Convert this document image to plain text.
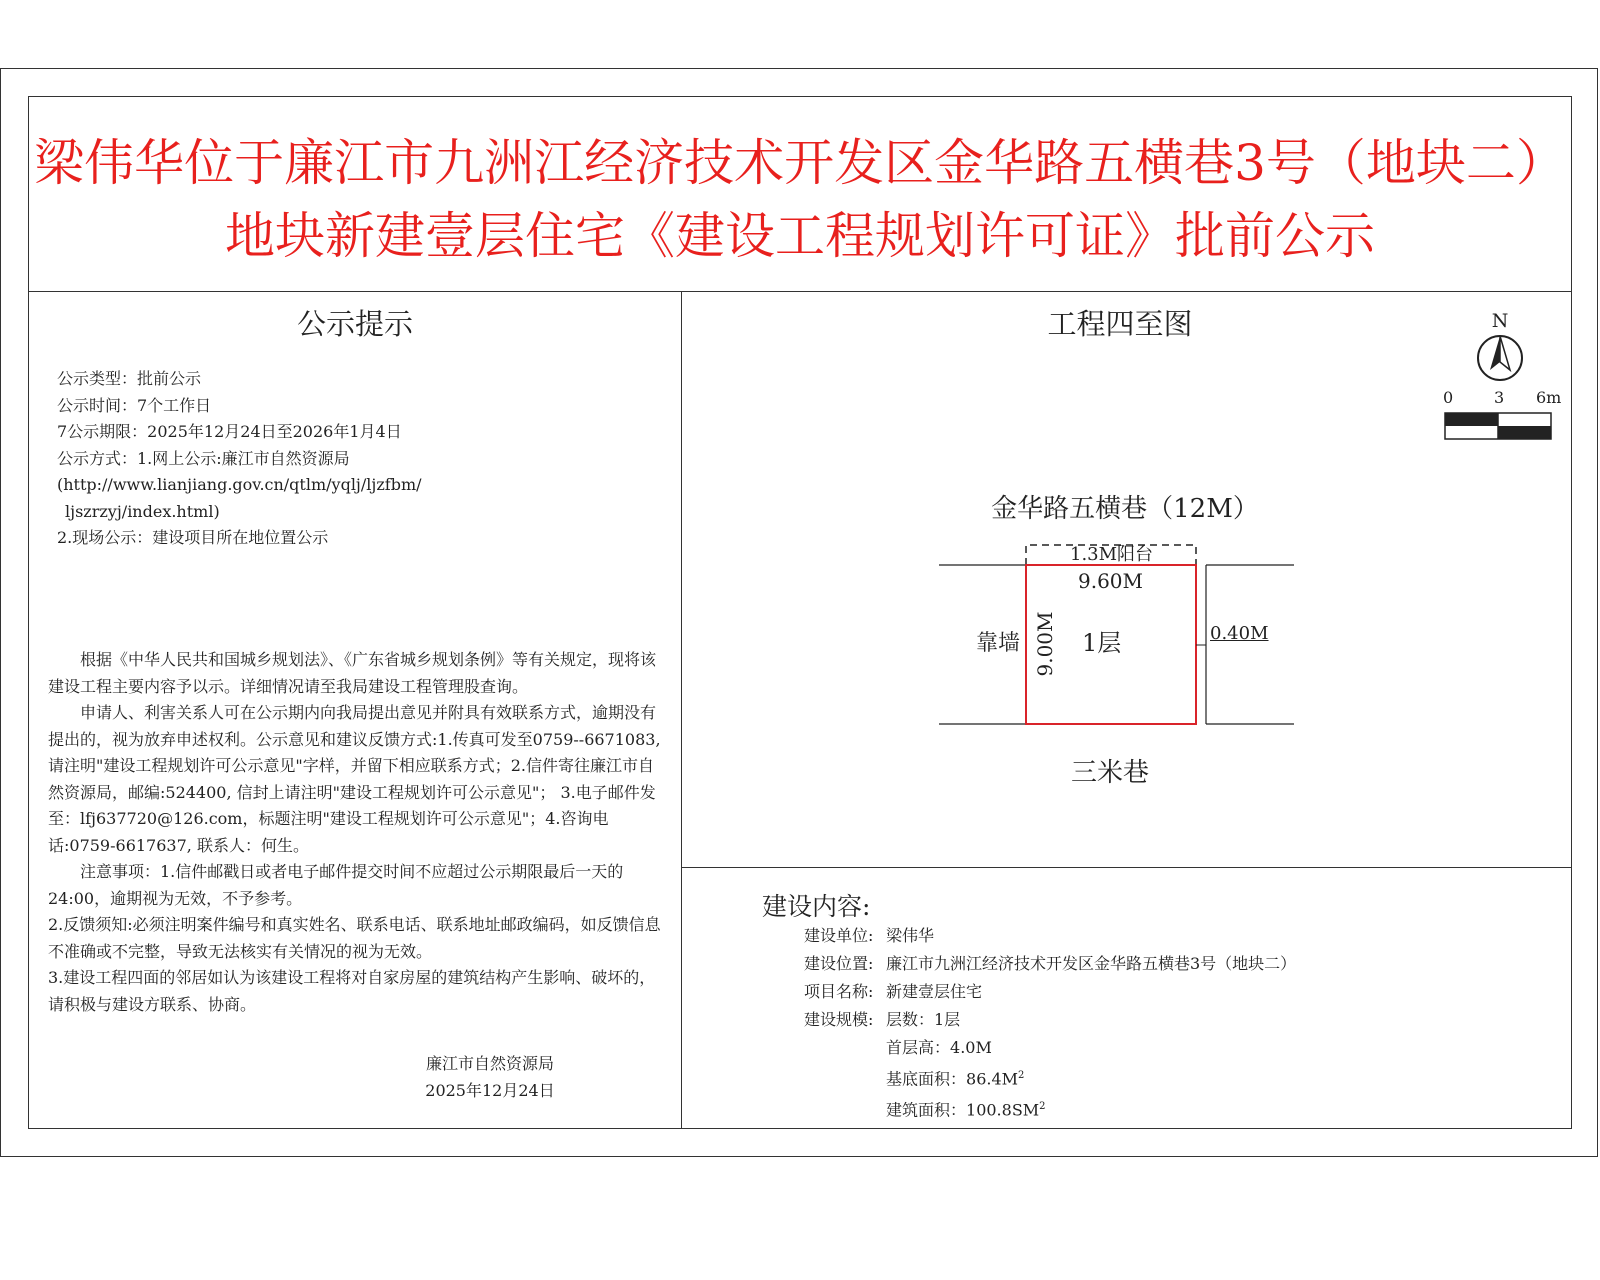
梁伟华位于廉江市九洲江经济技术开发区金华路五横巷3号（地块二）
地块新建壹层住宅《建设工程规划许可证》批前公示
公示提示
公示类型：批前公示
公示时间：7个工作日
7公示期限：2025年12月24日至2026年1月4日
公示方式：1.网上公示:廉江市自然资源局
(http://www.lianjiang.gov.cn/qtlm/yqlj/ljzfbm/
ljszrzyj/index.html)
2.现场公示：建设项目所在地位置公示

根据《中华人民共和国城乡规划法》、《广东省城乡规划条例》等有关规定，现将该建设工程主要内容予以示。详细情况请至我局建设工程管理股查询。

申请人、利害关系人可在公示期内向我局提出意见并附具有效联系方式，逾期没有提出的，视为放弃申述权利。公示意见和建议反馈方式:1.传真可发至0759--6671083, 请注明"建设工程规划许可公示意见"字样，并留下相应联系方式；2.信件寄往廉江市自然资源局，邮编:524400, 信封上请注明"建设工程规划许可公示意见"； 3.电子邮件发至：lfj637720@126.com，标题注明"建设工程规划许可公示意见"；4.咨询电话:0759-6617637, 联系人：何生。

注意事项：1.信件邮戳日或者电子邮件提交时间不应超过公示期限最后一天的24:00，逾期视为无效，不予参考。

2.反馈须知:必须注明案件编号和真实姓名、联系电话、联系地址邮政编码，如反馈信息不准确或不完整，导致无法核实有关情况的视为无效。

3.建设工程四面的邻居如认为该建设工程将对自家房屋的建筑结构产生影响、破坏的，请积极与建设方联系、协商。

廉江市自然资源局
2025年12月24日
工程四至图	N
0	3 6m
金华路五横巷（12M）
三米巷
1.3M阳台
9.60M
9.00M 1层
靠墙	0.40M
建设内容:
建设单位: 梁伟华
建设位置: 廉江市九洲江经济技术开发区金华路五横巷3号（地块二）
项目名称: 新建壹层住宅
建设规模: 层数：1层
首层高：4.0M
基底面积：$86.4M^2$
建筑面积：$100.8SM^2$
